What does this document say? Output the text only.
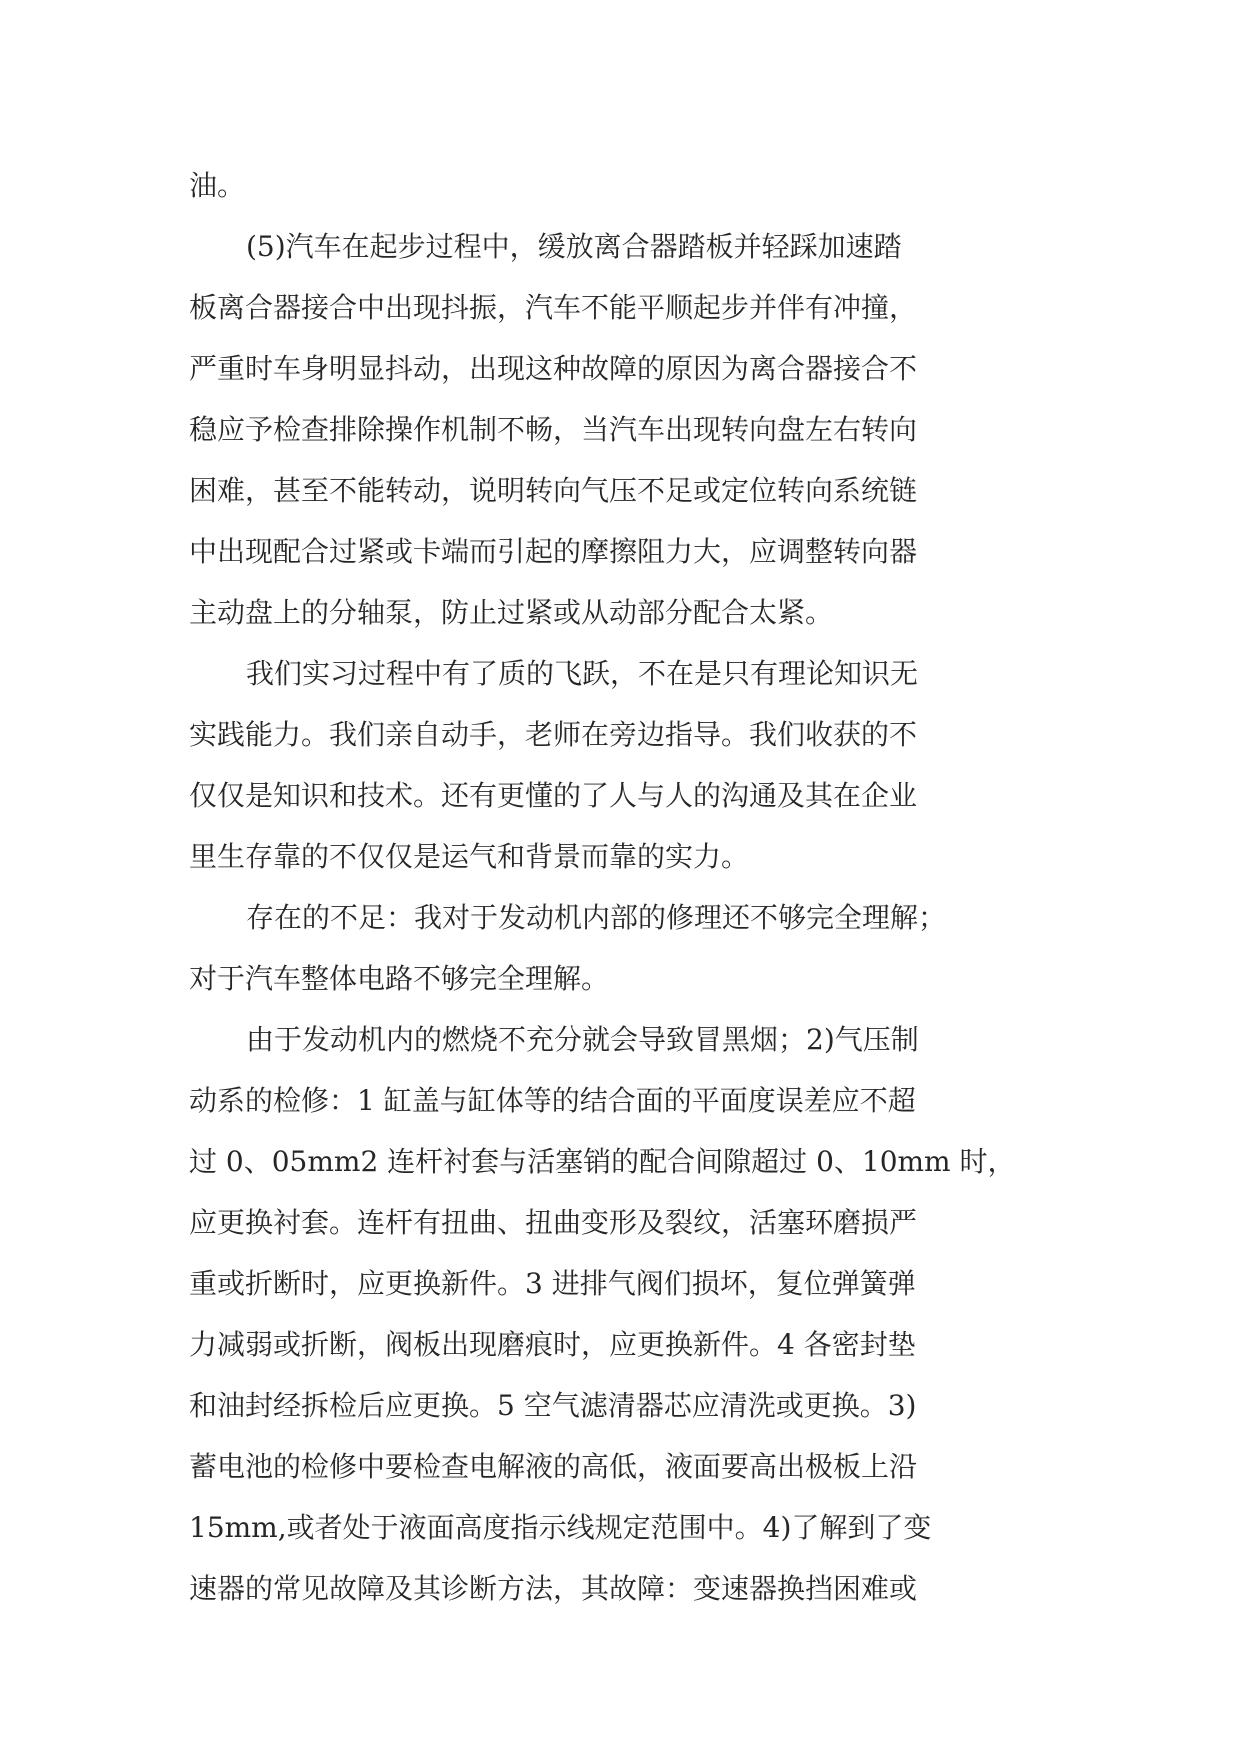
油。
(5)汽车在起步过程中，缓放离合器踏板并轻踩加速踏
板离合器接合中出现抖振，汽车不能平顺起步并伴有冲撞，
严重时车身明显抖动，出现这种故障的原因为离合器接合不
稳应予检查排除操作机制不畅，当汽车出现转向盘左右转向
困难，甚至不能转动，说明转向气压不足或定位转向系统链
中出现配合过紧或卡端而引起的摩擦阻力大，应调整转向器
主动盘上的分轴泵，防止过紧或从动部分配合太紧。
我们实习过程中有了质的飞跃，不在是只有理论知识无
实践能力。我们亲自动手，老师在旁边指导。我们收获的不
仅仅是知识和技术。还有更懂的了人与人的沟通及其在企业
里生存靠的不仅仅是运气和背景而靠的实力。
存在的不足：我对于发动机内部的修理还不够完全理解；
对于汽车整体电路不够完全理解。
由于发动机内的燃烧不充分就会导致冒黑烟；2)气压制
动系的检修：1 缸盖与缸体等的结合面的平面度误差应不超
过 0、05mm2 连杆衬套与活塞销的配合间隙超过 0、10mm 时，
应更换衬套。连杆有扭曲、扭曲变形及裂纹，活塞环磨损严
重或折断时，应更换新件。3 进排气阀们损坏，复位弹簧弹
力减弱或折断，阀板出现磨痕时，应更换新件。4 各密封垫
和油封经拆检后应更换。5 空气滤清器芯应清洗或更换。3)
蓄电池的检修中要检查电解液的高低，液面要高出极板上沿
15mm,或者处于液面高度指示线规定范围中。4)了解到了变
速器的常见故障及其诊断方法，其故障：变速器换挡困难或
